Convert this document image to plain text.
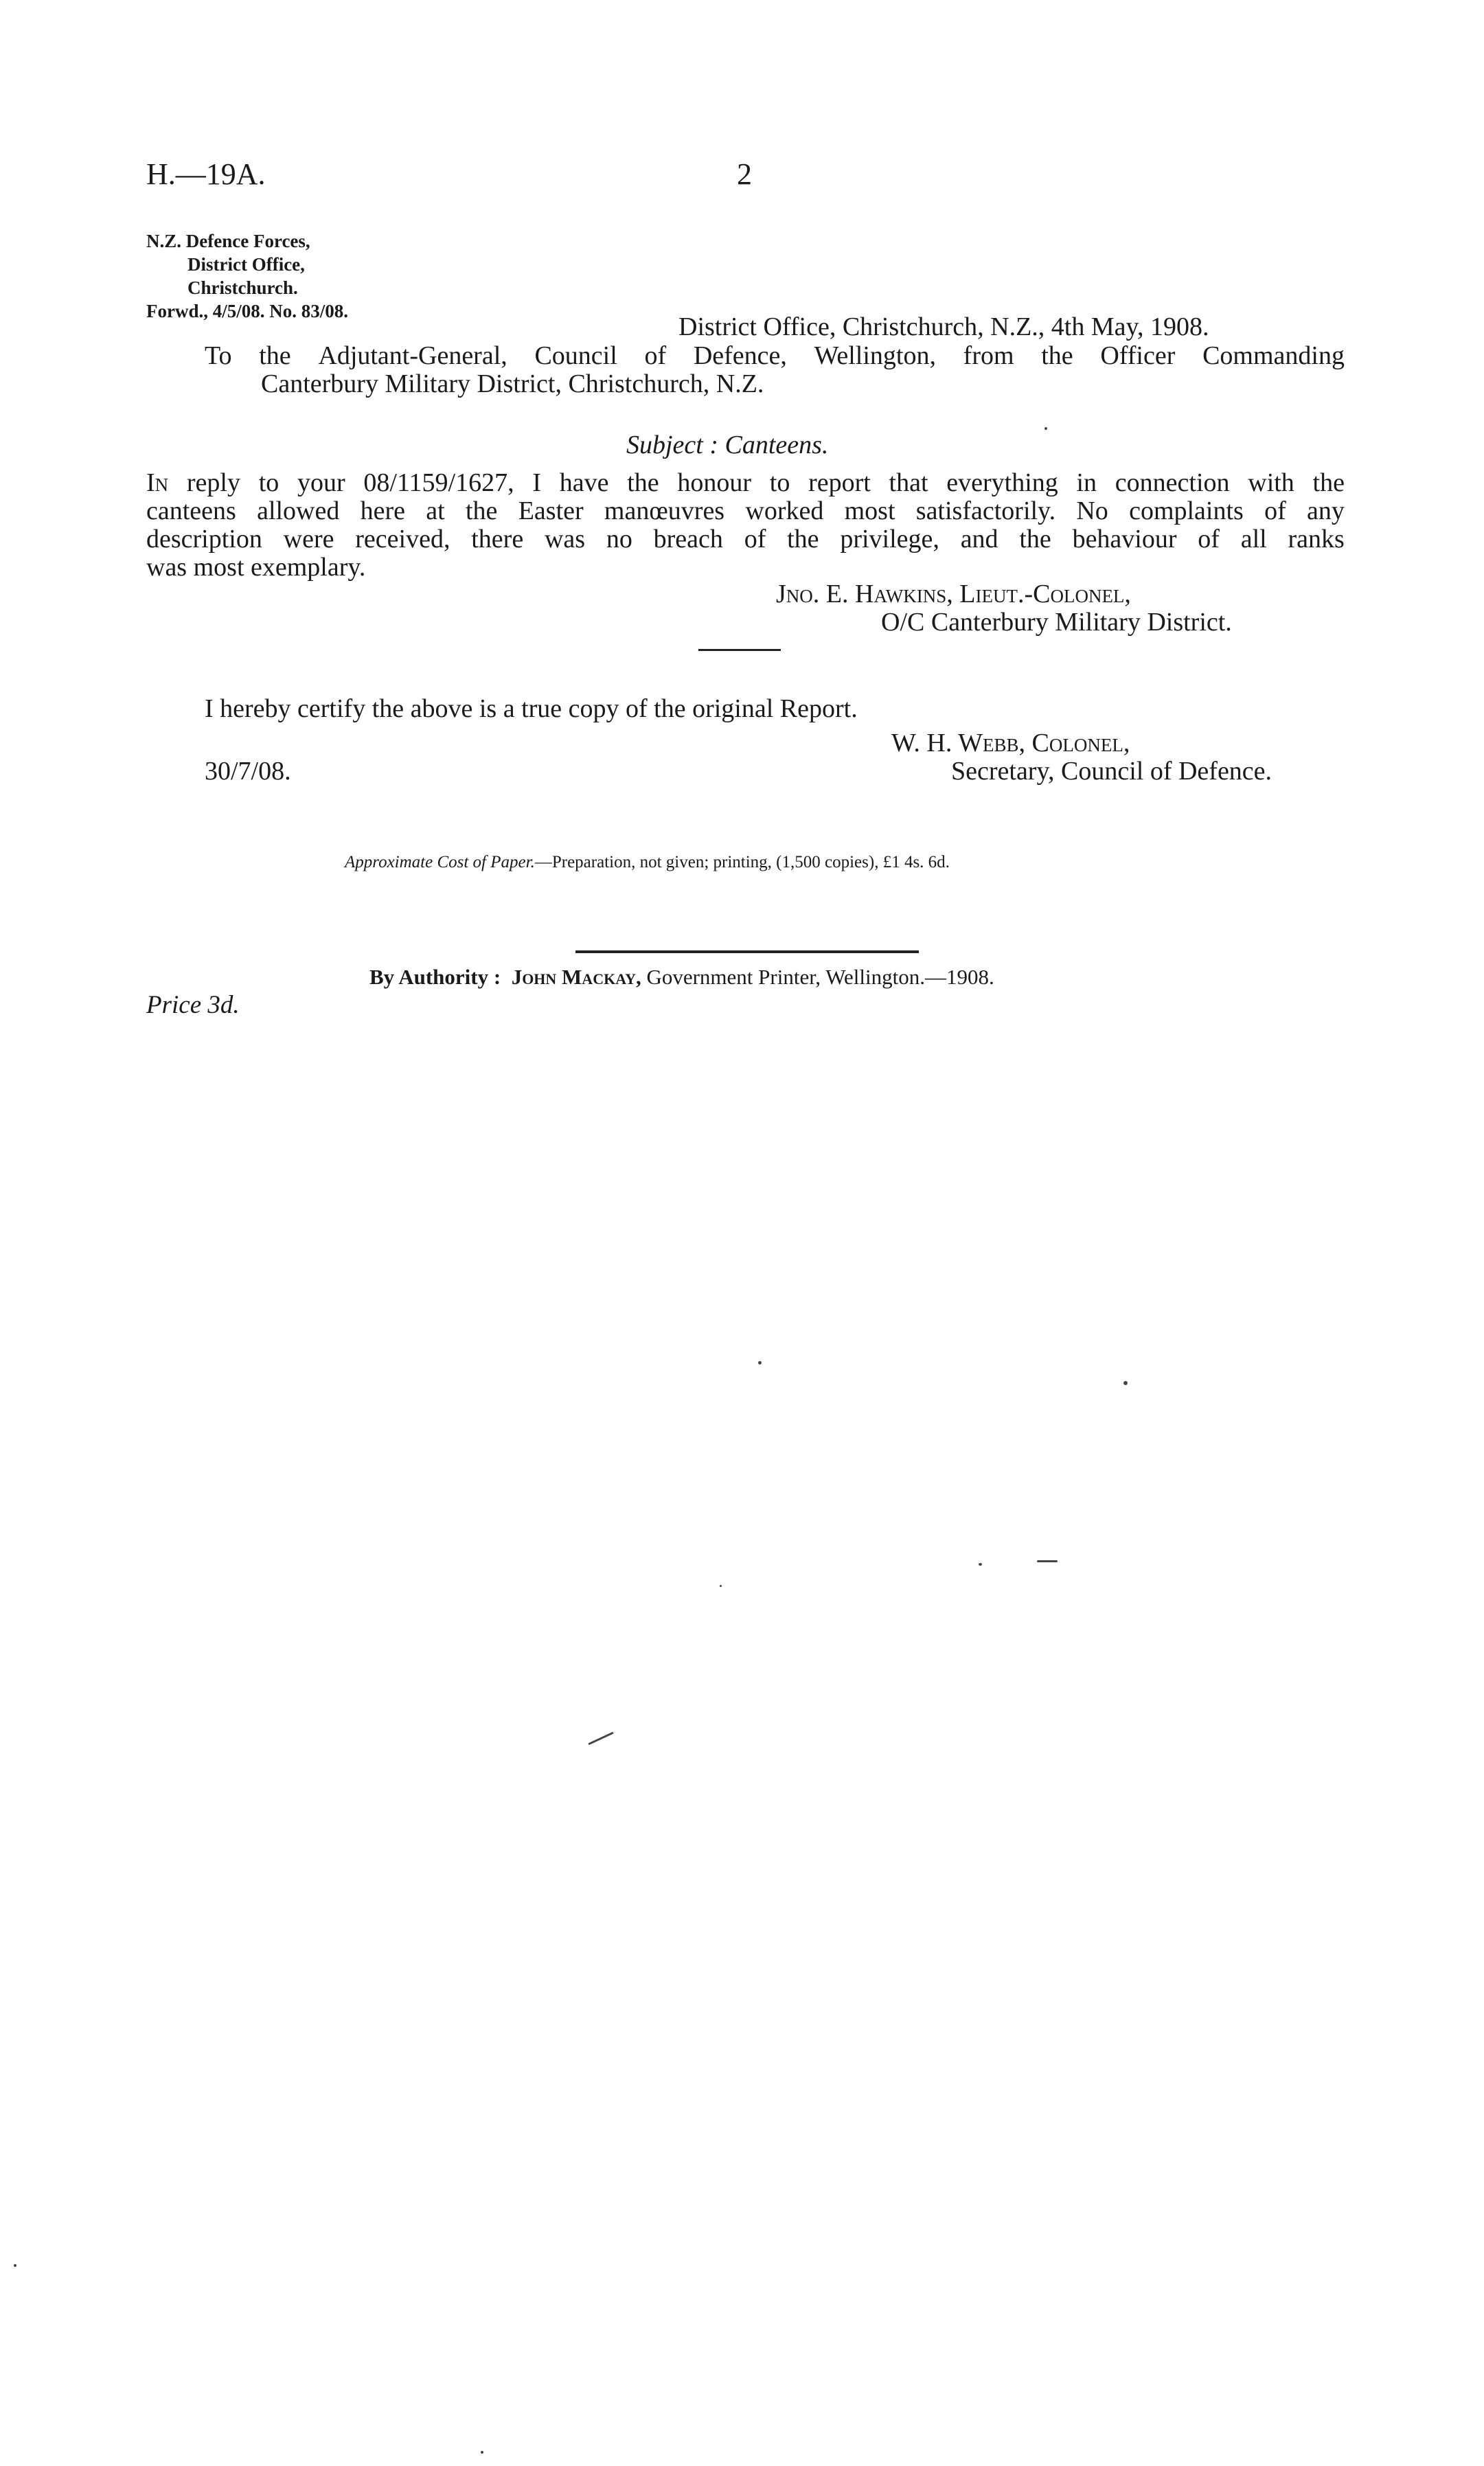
H.—19A.	2
N.Z. Defence Forces,
District Office,
Christchurch.
Forwd., 4/5/08. No. 83/08.
District Office, Christchurch, N.Z., 4th May, 1908.
To the Adjutant-General, Council of Defence, Wellington, from the Officer Commanding
Canterbury Military District, Christchurch, N.Z.
Subject : Canteens.
In reply to your 08/1159/1627, I have the honour to report that everything in connection with the
canteens allowed here at the Easter manœuvres worked most satisfactorily. No complaints of any
description were received, there was no breach of the privilege, and the behaviour of all ranks
was most exemplary.
Jno. E. Hawkins, Lieut.-Colonel,
O/C Canterbury Military District.
I hereby certify the above is a true copy of the original Report.
W. H. Webb, Colonel,
30/7/08.	Secretary, Council of Defence.
Approximate Cost of Paper.—Preparation, not given; printing, (1,500 copies), £1 4s. 6d.
By Authority : John Mackay, Government Printer, Wellington.—1908.
Price 3d.
